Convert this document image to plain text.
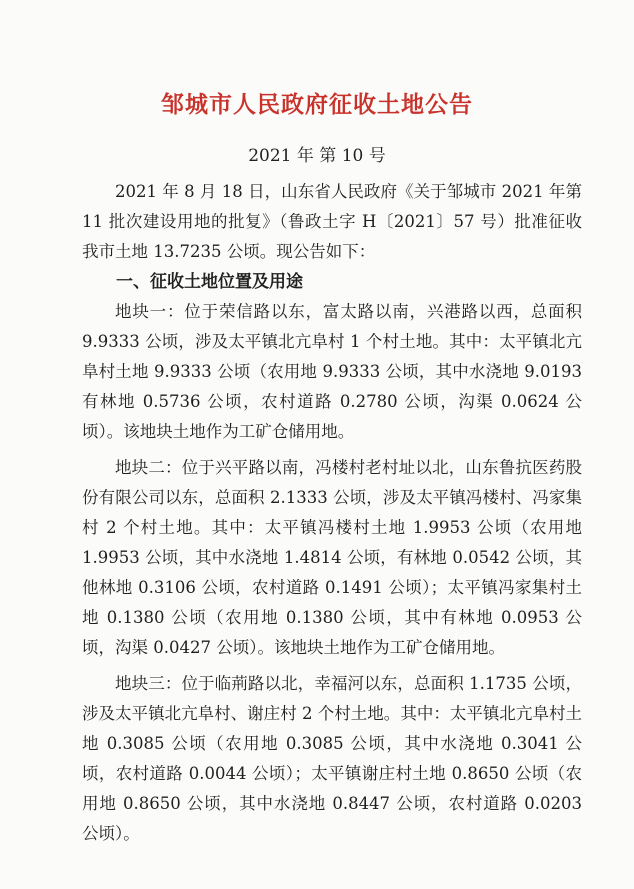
邹城市人民政府征收土地公告
2021 年 第 10 号

2021 年 8 月 18 日，山东省人民政府《关于邹城市 2021 年第 11 批次建设用地的批复》（鲁政土字 H〔2021〕57 号）批准征收我市土地 13.7235 公顷。现公告如下：

一、征收土地位置及用途

地块一：位于荣信路以东，富太路以南，兴港路以西，总面积 9.9333 公顷，涉及太平镇北亢阜村 1 个村土地。其中：太平镇北亢阜村土地 9.9333 公顷（农用地 9.9333 公顷，其中水浇地 9.0193 有林地 0.5736 公顷，农村道路 0.2780 公顷，沟渠 0.0624 公顷）。该地块土地作为工矿仓储用地。

地块二：位于兴平路以南，冯楼村老村址以北，山东鲁抗医药股份有限公司以东，总面积 2.1333 公顷，涉及太平镇冯楼村、冯家集村 2 个村土地。其中：太平镇冯楼村土地 1.9953 公顷（农用地 1.9953 公顷，其中水浇地 1.4814 公顷，有林地 0.0542 公顷，其他林地 0.3106 公顷，农村道路 0.1491 公顷）；太平镇冯家集村土地 0.1380 公顷（农用地 0.1380 公顷，其中有林地 0.0953 公顷，沟渠 0.0427 公顷）。该地块土地作为工矿仓储用地。

地块三：位于临荊路以北，幸福河以东，总面积 1.1735 公顷，涉及太平镇北亢阜村、谢庄村 2 个村土地。其中：太平镇北亢阜村土地 0.3085 公顷（农用地 0.3085 公顷，其中水浇地 0.3041 公顷，农村道路 0.0044 公顷）；太平镇谢庄村土地 0.8650 公顷（农用地 0.8650 公顷，其中水浇地 0.8447 公顷，农村道路 0.0203 公顷）。
